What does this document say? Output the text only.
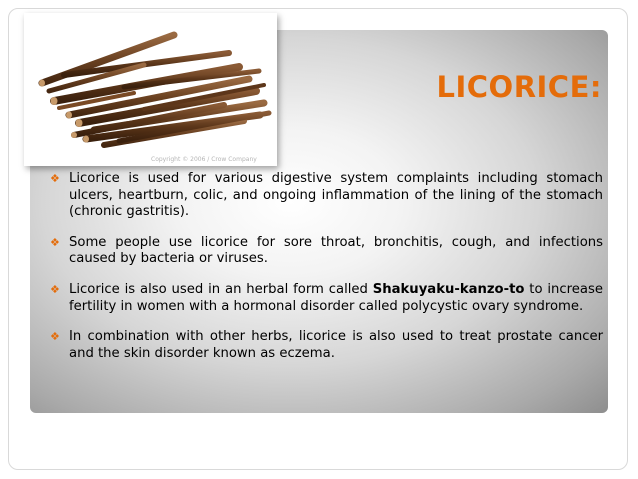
LICORICE:
Copyright © 2006 / Crow Company
❖ Licorice is used for various digestive system complaints including stomach ulcers, heartburn, colic, and ongoing inflammation of the lining of the stomach (chronic gastritis).
❖ Some people use licorice for sore throat, bronchitis, cough, and infections caused by bacteria or viruses.
❖ Licorice is also used in an herbal form called Shakuyaku-kanzo-to to increase fertility in women with a hormonal disorder called polycystic ovary syndrome.
❖ In combination with other herbs, licorice is also used to treat prostate cancer and the skin disorder known as eczema.
